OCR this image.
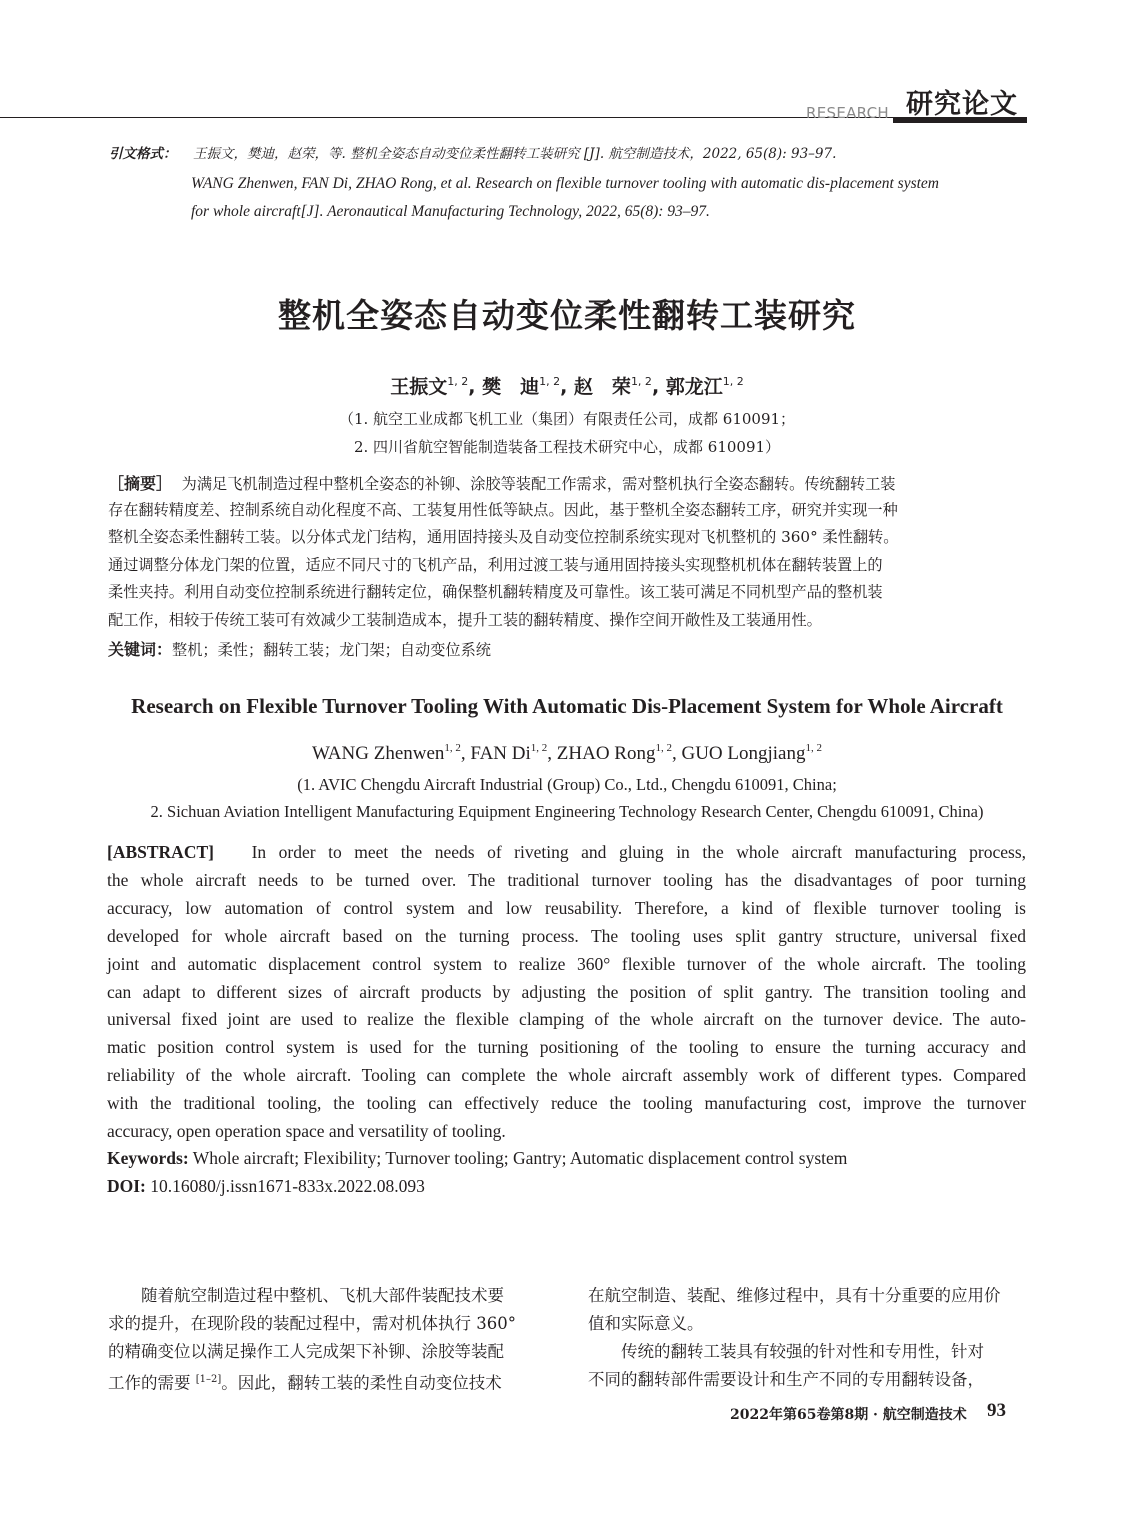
RESEARCH 研究论文
引文格式： 王振文，樊迪，赵荣，等. 整机全姿态自动变位柔性翻转工装研究 [J]. 航空制造技术，2022, 65(8): 93–97.
WANG Zhenwen, FAN Di, ZHAO Rong, et al. Research on flexible turnover tooling with automatic dis-placement system
for whole aircraft[J]. Aeronautical Manufacturing Technology, 2022, 65(8): 93–97.
整机全姿态自动变位柔性翻转工装研究
王振文$^{1, 2}$, 樊　迪$^{1, 2}$, 赵　荣$^{1, 2}$, 郭龙江$^{1, 2}$
（1. 航空工业成都飞机工业（集团）有限责任公司，成都 610091；
2. 四川省航空智能制造装备工程技术研究中心，成都 610091）
［摘要］ 为满足飞机制造过程中整机全姿态的补铆、涂胶等装配工作需求，需对整机执行全姿态翻转。传统翻转工装
存在翻转精度差、控制系统自动化程度不高、工装复用性低等缺点。因此，基于整机全姿态翻转工序，研究并实现一种
整机全姿态柔性翻转工装。以分体式龙门结构，通用固持接头及自动变位控制系统实现对飞机整机的 360° 柔性翻转。
通过调整分体龙门架的位置，适应不同尺寸的飞机产品，利用过渡工装与通用固持接头实现整机机体在翻转装置上的
柔性夹持。利用自动变位控制系统进行翻转定位，确保整机翻转精度及可靠性。该工装可满足不同机型产品的整机装
配工作，相较于传统工装可有效减少工装制造成本，提升工装的翻转精度、操作空间开敞性及工装通用性。
关键词：整机；柔性；翻转工装；龙门架；自动变位系统
Research on Flexible Turnover Tooling With Automatic Dis-Placement System for Whole Aircraft
WANG Zhenwen$^{1, 2}$, FAN Di$^{1, 2}$, ZHAO Rong$^{1, 2}$, GUO Longjiang$^{1, 2}$
(1. AVIC Chengdu Aircraft Industrial (Group) Co., Ltd., Chengdu 610091, China;
2. Sichuan Aviation Intelligent Manufacturing Equipment Engineering Technology Research Center, Chengdu 610091, China)
[ABSTRACT] In order to meet the needs of riveting and gluing in the whole aircraft manufacturing process,
the whole aircraft needs to be turned over. The traditional turnover tooling has the disadvantages of poor turning
accuracy, low automation of control system and low reusability. Therefore, a kind of flexible turnover tooling is
developed for whole aircraft based on the turning process. The tooling uses split gantry structure, universal fixed
joint and automatic displacement control system to realize 360° flexible turnover of the whole aircraft. The tooling
can adapt to different sizes of aircraft products by adjusting the position of split gantry. The transition tooling and
universal fixed joint are used to realize the flexible clamping of the whole aircraft on the turnover device. The auto-
matic position control system is used for the turning positioning of the tooling to ensure the turning accuracy and
reliability of the whole aircraft. Tooling can complete the whole aircraft assembly work of different types. Compared
with the traditional tooling, the tooling can effectively reduce the tooling manufacturing cost, improve the turnover
accuracy, open operation space and versatility of tooling.
Keywords: Whole aircraft; Flexibility; Turnover tooling; Gantry; Automatic displacement control system
DOI: 10.16080/j.issn1671-833x.2022.08.093
　　随着航空制造过程中整机、飞机大部件装配技术要
求的提升，在现阶段的装配过程中，需对机体执行 360°
的精确变位以满足操作工人完成架下补铆、涂胶等装配
工作的需要 [1–2]。因此，翻转工装的柔性自动变位技术
在航空制造、装配、维修过程中，具有十分重要的应用价
值和实际意义。
　　传统的翻转工装具有较强的针对性和专用性，针对
不同的翻转部件需要设计和生产不同的专用翻转设备，
2022年第65卷第8期 · 航空制造技术 93
